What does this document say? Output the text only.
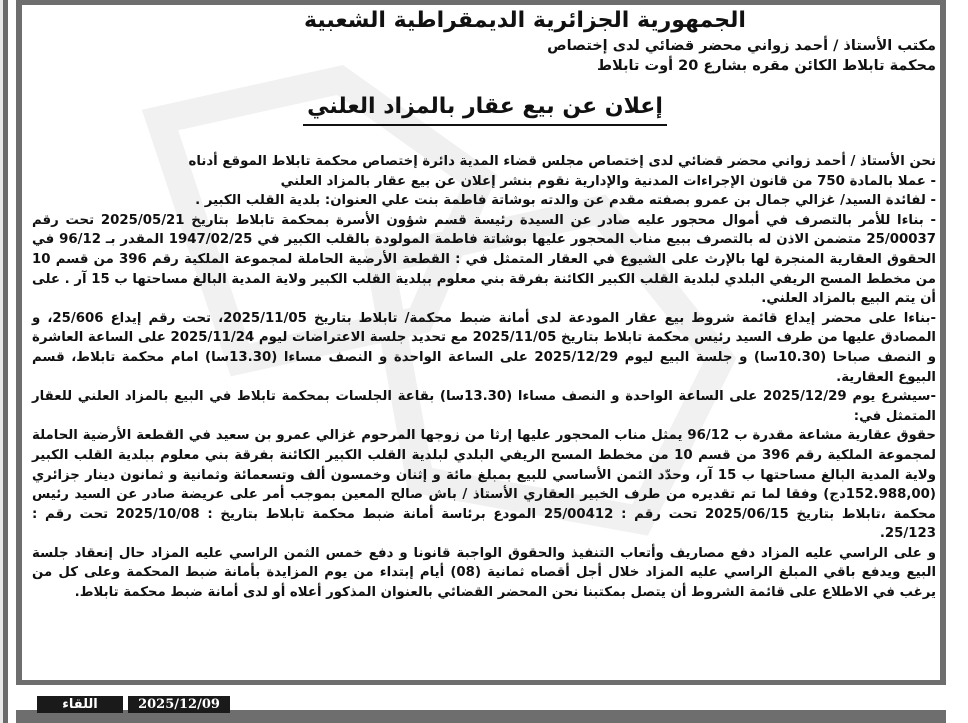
الجمهورية الجزائرية الديمقراطية الشعبية

مكتب الأستاذ / أحمد زواني محضر قضائي لدى إختصاص

محكمة تابلاط الكائن مقره بشارع 20 أوت تابلاط

إعلان عن بيع عقار بالمزاد العلني

نحن الأستاذ / أحمد زواني محضر قضائي لدى إختصاص مجلس قضاء المدية دائرة إختصاص محكمة تابلاط الموقع أدناه

- عملا بالمادة 750 من قانون الإجراءات المدنية والإدارية نقوم بنشر إعلان عن بيع عقار بالمزاد العلني

- لفائدة السيد/ غزالي جمال بن عمرو بصفته مقدم عن والدته بوشاتة فاطمة بنت علي العنوان: بلدية القلب الكبير .

- بناءا للأمر بالتصرف في أموال محجور عليه صادر عن السيدة رئيسة قسم شؤون الأسرة بمحكمة تابلاط بتاريخ 2025/05/21 تحت رقم 25/00037 متضمن الاذن له بالتصرف ببيع مناب المحجور عليها بوشاتة فاطمة المولودة بالقلب الكبير في 1947/02/25 المقدر بـ 96/12 في الحقوق العقارية المنجرة لها بالإرث على الشيوع في العقار المتمثل في : القطعة الأرضية الحاملة لمجموعة الملكية رقم 396 من قسم 10 من مخطط المسح الريفي البلدي لبلدية القلب الكبير الكائنة بفرقة بني معلوم ببلدية القلب الكبير ولاية المدية البالغ مساحتها ب 15 آر . على أن يتم البيع بالمزاد العلني.

-بناءا على محضر إيداع قائمة شروط بيع عقار المودعة لدى أمانة ضبط محكمة/ تابلاط بتاريخ 2025/11/05، تحت رقم إيداع 25/606، و المصادق عليها من طرف السيد رئيس محكمة تابلاط بتاريخ 2025/11/05 مع تحديد جلسة الاعتراضات ليوم 2025/11/24 على الساعة العاشرة و النصف صباحا (10.30سا) و جلسة البيع ليوم 2025/12/29 على الساعة الواحدة و النصف مساءا (13.30سا) امام محكمة تابلاط، قسم البيوع العقارية.

-سيشرع يوم 2025/12/29 على الساعة الواحدة و النصف مساءا (13.30سا) بقاعة الجلسات بمحكمة تابلاط في البيع بالمزاد العلني للعقار المتمثل في:

حقوق عقارية مشاعة مقدرة ب 96/12 يمثل مناب المحجور عليها إرثا من زوجها المرحوم غزالي عمرو بن سعيد في القطعة الأرضية الحاملة لمجموعة الملكية رقم 396 من قسم 10 من مخطط المسح الريفي البلدي لبلدية القلب الكبير الكائنة بفرقة بني معلوم ببلدية القلب الكبير ولاية المدية البالغ مساحتها ب 15 آر، وحدّد الثمن الأساسي للبيع بمبلغ مائة و إثنان وخمسون ألف وتسعمائة وثمانية و ثمانون دينار جزائري (152.988,00دج) وفقا لما تم تقديره من طرف الخبير العقاري الأستاذ / باش صالح المعين بموجب أمر على عريضة صادر عن السيد رئيس محكمة ،تابلاط بتاريخ 2025/06/15 تحت رقم : 25/00412 المودع برئاسة أمانة ضبط محكمة تابلاط بتاريخ : 2025/10/08 تحت رقم : 25/123.

و على الراسي عليه المزاد دفع مصاريف وأتعاب التنفيذ والحقوق الواجبة قانونا و دفع خمس الثمن الراسي عليه المزاد حال إنعقاد جلسة البيع ويدفع باقي المبلغ الراسي عليه المزاد خلال أجل أقصاه ثمانية (08) أيام إبتداء من يوم المزايدة بأمانة ضبط المحكمة وعلى كل من يرغب في الاطلاع على قائمة الشروط أن يتصل بمكتبنا نحن المحضر القضائي بالعنوان المذكور أعلاه أو لدى أمانة ضبط محكمة تابلاط.

اللقاء	2025/12/09
